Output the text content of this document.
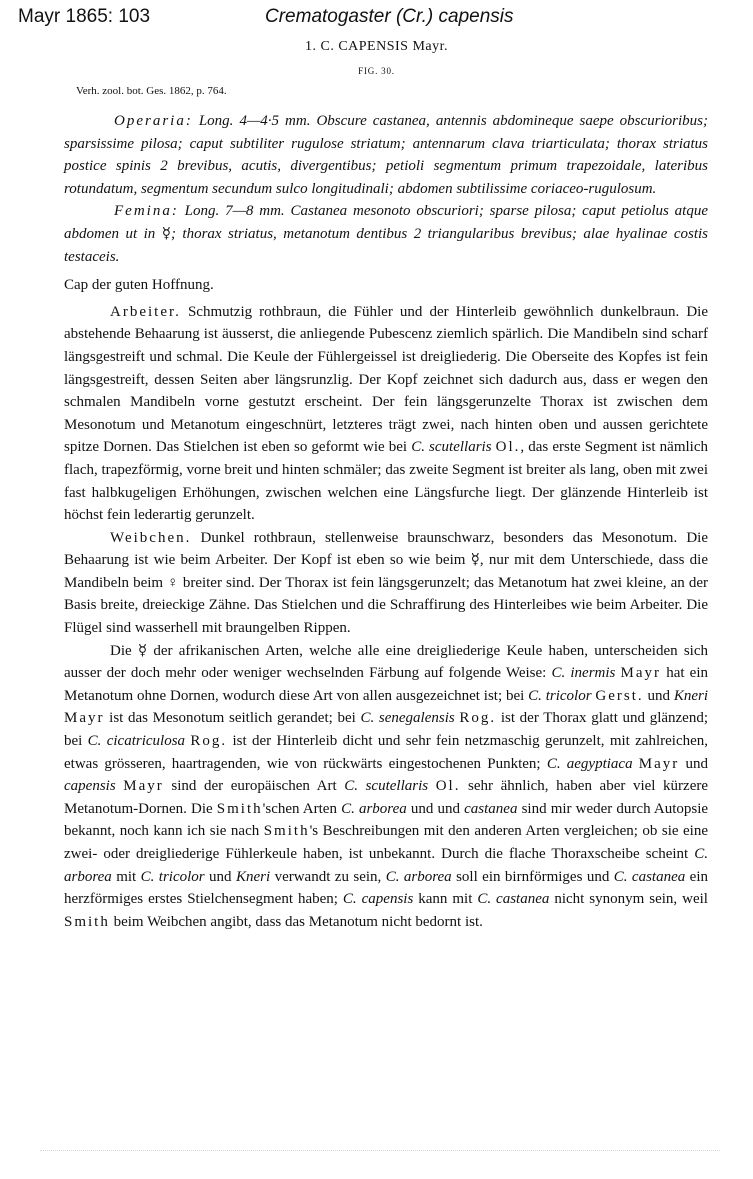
Mayr 1865: 103	Crematogaster (Cr.) capensis
1. C. CAPENSIS Mayr.
FIG. 30.
Verh. zool. bot. Ges. 1862, p. 764.

Operaria: Long. 4—4·5 mm. Obscure castanea, antennis abdomineque saepe obscurioribus; sparsissime pilosa; caput subtiliter rugulose striatum; antennarum clava triarticulata; thorax striatus postice spinis 2 brevibus, acutis, divergentibus; petioli segmentum primum trapezoidale, lateribus rotundatum, segmentum secundum sulco longitudinali; abdomen subtilissime coriaceo-rugulosum.

Femina: Long. 7—8 mm. Castanea mesonoto obscuriori; sparse pilosa; caput petiolus atque abdomen ut in ☿; thorax striatus, metanotum dentibus 2 triangularibus brevibus; alae hyalinae costis testaceis.

Cap der guten Hoffnung.

Arbeiter. Schmutzig rothbraun, die Fühler und der Hinterleib gewöhnlich dunkelbraun. Die abstehende Behaarung ist äusserst, die anliegende Pubescenz ziemlich spärlich. Die Mandibeln sind scharf längsgestreift und schmal. Die Keule der Fühlergeissel ist dreigliederig. Die Oberseite des Kopfes ist fein längsgestreift, dessen Seiten aber längsrunzlig. Der Kopf zeichnet sich dadurch aus, dass er wegen den schmalen Mandibeln vorne gestutzt erscheint. Der fein längsgerunzelte Thorax ist zwischen dem Mesonotum und Metanotum eingeschnürt, letzteres trägt zwei, nach hinten oben und aussen gerichtete spitze Dornen. Das Stielchen ist eben so geformt wie bei C. scutellaris Ol., das erste Segment ist nämlich flach, trapezförmig, vorne breit und hinten schmäler; das zweite Segment ist breiter als lang, oben mit zwei fast halbkugeligen Erhöhungen, zwischen welchen eine Längsfurche liegt. Der glänzende Hinterleib ist höchst fein lederartig gerunzelt.

Weibchen. Dunkel rothbraun, stellenweise braunschwarz, besonders das Mesonotum. Die Behaarung ist wie beim Arbeiter. Der Kopf ist eben so wie beim ☿, nur mit dem Unterschiede, dass die Mandibeln beim ♀ breiter sind. Der Thorax ist fein längsgerunzelt; das Metanotum hat zwei kleine, an der Basis breite, dreieckige Zähne. Das Stielchen und die Schraffirung des Hinterleibes wie beim Arbeiter. Die Flügel sind wasserhell mit braungelben Rippen.

Die ☿ der afrikanischen Arten, welche alle eine dreigliederige Keule haben, unterscheiden sich ausser der doch mehr oder weniger wechselnden Färbung auf folgende Weise: C. inermis Mayr hat ein Metanotum ohne Dornen, wodurch diese Art von allen ausgezeichnet ist; bei C. tricolor Gerst. und Kneri Mayr ist das Mesonotum seitlich gerandet; bei C. senegalensis Rog. ist der Thorax glatt und glänzend; bei C. cicatriculosa Rog. ist der Hinterleib dicht und sehr fein netzmaschig gerunzelt, mit zahlreichen, etwas grösseren, haartragenden, wie von rückwärts eingestochenen Punkten; C. aegyptiaca Mayr und capensis Mayr sind der europäischen Art C. scutellaris Ol. sehr ähnlich, haben aber viel kürzere Metanotum-Dornen. Die Smith'schen Arten C. arborea und und castanea sind mir weder durch Autopsie bekannt, noch kann ich sie nach Smith's Beschreibungen mit den anderen Arten vergleichen; ob sie eine zwei- oder dreigliederige Fühlerkeule haben, ist unbekannt. Durch die flache Thoraxscheibe scheint C. arborea mit C. tricolor und Kneri verwandt zu sein, C. arborea soll ein birnförmiges und C. castanea ein herzförmiges erstes Stielchensegment haben; C. capensis kann mit C. castanea nicht synonym sein, weil Smith beim Weibchen angibt, dass das Metanotum nicht bedornt ist.
